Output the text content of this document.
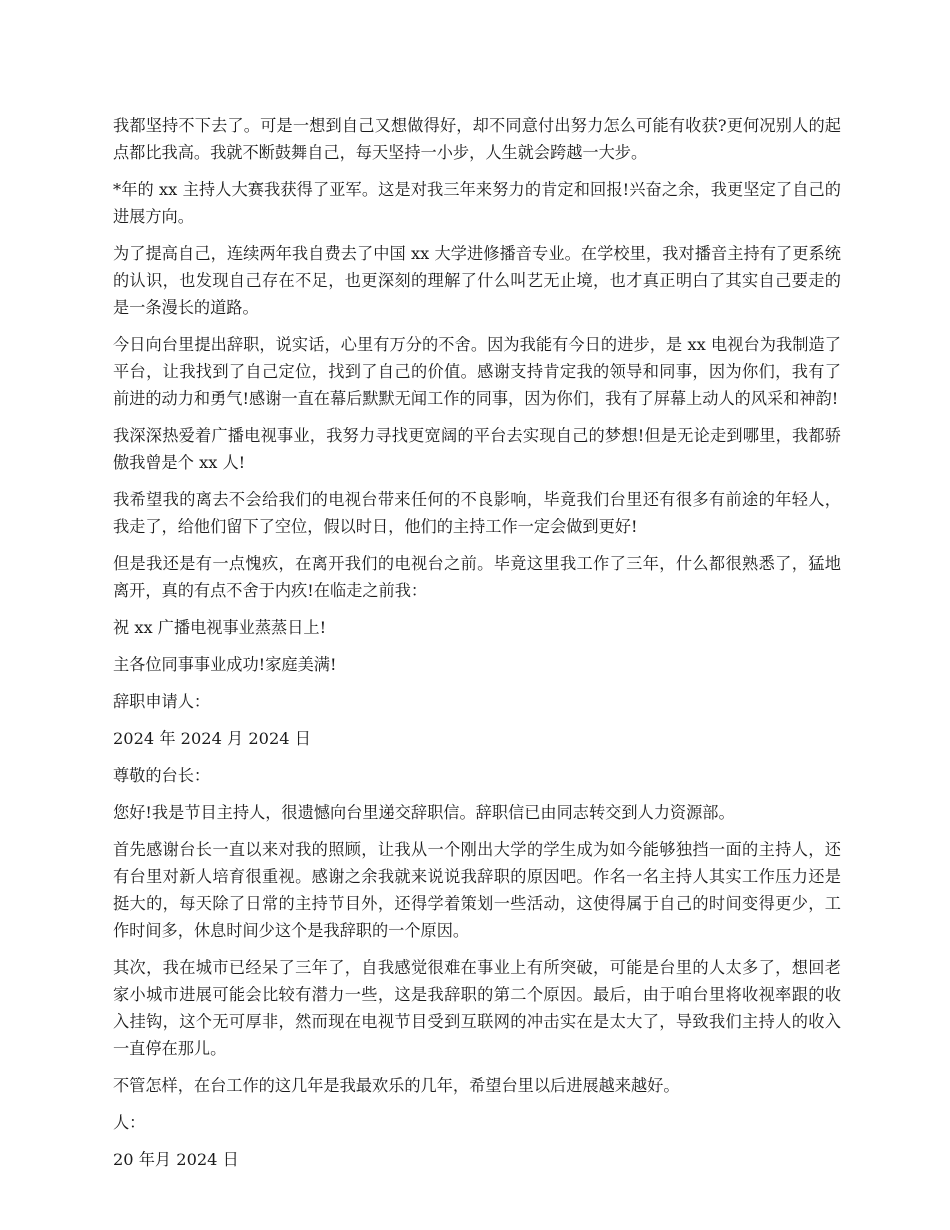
我都坚持不下去了。可是一想到自己又想做得好，却不同意付出努力怎么可能有收获?更何况别人的起点都比我高。我就不断鼓舞自己，每天坚持一小步，人生就会跨越一大步。

*年的 xx 主持人大赛我获得了亚军。这是对我三年来努力的肯定和回报!兴奋之余，我更坚定了自己的进展方向。

为了提高自己，连续两年我自费去了中国 xx 大学进修播音专业。在学校里，我对播音主持有了更系统的认识，也发现自己存在不足，也更深刻的理解了什么叫艺无止境，也才真正明白了其实自己要走的是一条漫长的道路。

今日向台里提出辞职，说实话，心里有万分的不舍。因为我能有今日的进步，是 xx 电视台为我制造了平台，让我找到了自己定位，找到了自己的价值。感谢支持肯定我的领导和同事，因为你们，我有了前进的动力和勇气!感谢一直在幕后默默无闻工作的同事，因为你们，我有了屏幕上动人的风采和神韵!

我深深热爱着广播电视事业，我努力寻找更宽阔的平台去实现自己的梦想!但是无论走到哪里，我都骄傲我曾是个 xx 人!

我希望我的离去不会给我们的电视台带来任何的不良影响，毕竟我们台里还有很多有前途的年轻人，我走了，给他们留下了空位，假以时日，他们的主持工作一定会做到更好!

但是我还是有一点愧疚，在离开我们的电视台之前。毕竟这里我工作了三年，什么都很熟悉了，猛地离开，真的有点不舍于内疚!在临走之前我：

祝 xx 广播电视事业蒸蒸日上!

主各位同事事业成功!家庭美满!

辞职申请人：

2024 年 2024 月 2024 日

尊敬的台长：

您好!我是节目主持人，很遗憾向台里递交辞职信。辞职信已由同志转交到人力资源部。

首先感谢台长一直以来对我的照顾，让我从一个刚出大学的学生成为如今能够独挡一面的主持人，还有台里对新人培育很重视。感谢之余我就来说说我辞职的原因吧。作名一名主持人其实工作压力还是挺大的，每天除了日常的主持节目外，还得学着策划一些活动，这使得属于自己的时间变得更少，工作时间多，休息时间少这个是我辞职的一个原因。

其次，我在城市已经呆了三年了，自我感觉很难在事业上有所突破，可能是台里的人太多了，想回老家小城市进展可能会比较有潜力一些，这是我辞职的第二个原因。最后，由于咱台里将收视率跟的收入挂钩，这个无可厚非，然而现在电视节目受到互联网的冲击实在是太大了，导致我们主持人的收入一直停在那儿。

不管怎样，在台工作的这几年是我最欢乐的几年，希望台里以后进展越来越好。

人：

20 年月 2024 日
